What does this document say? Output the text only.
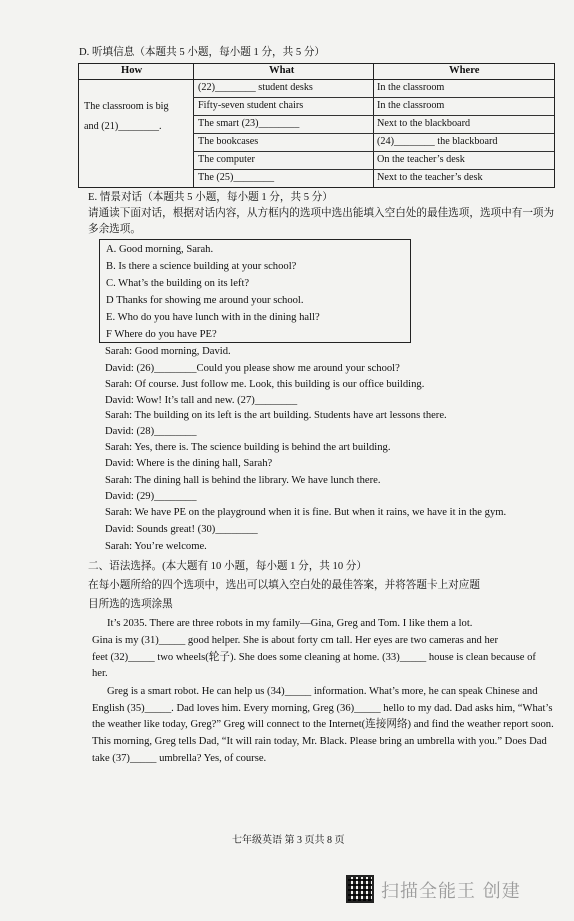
D. 听填信息（本题共 5 小题，每小题 1 分，共 5 分）
How	What	Where
The classroom is big
and (21)________.
(22)________ student desks	In the classroom
Fifty-seven student chairs	In the classroom
The smart (23)________	Next to the blackboard
The bookcases	(24)________ the blackboard
The computer	On the teacher’s desk
The (25)________	Next to the teacher’s desk
E. 情景对话（本题共 5 小题，每小题 1 分，共 5 分）
请通读下面对话，根据对话内容，从方框内的选项中选出能填入空白处的最佳选项，选项中有一项为
多余选项。
A. Good morning, Sarah.
B. Is there a science building at your school?
C. What’s the building on its left?
D Thanks for showing me around your school.
E. Who do you have lunch with in the dining hall?
F Where do you have PE?
Sarah: Good morning, David.
David: (26)________Could you please show me around your school?
Sarah: Of course. Just follow me. Look, this building is our office building.
David: Wow! It’s tall and new. (27)________
Sarah: The building on its left is the art building. Students have art lessons there.
David: (28)________
Sarah: Yes, there is. The science building is behind the art building.
David: Where is the dining hall, Sarah?
Sarah: The dining hall is behind the library. We have lunch there.
David: (29)________
Sarah: We have PE on the playground when it is fine. But when it rains, we have it in the gym.
David: Sounds great! (30)________
Sarah: You’re welcome.
二、语法选择。(本大题有 10 小题，每小题 1 分，共 10 分）
在每小题所给的四个选项中，选出可以填入空白处的最佳答案，并将答题卡上对应题
目所选的选项涂黑
It’s 2035. There are three robots in my family—Gina, Greg and Tom. I like them a lot.
Gina is my (31)_____ good helper. She is about forty cm tall. Her eyes are two cameras and her
feet (32)_____ two wheels(轮子). She does some cleaning at home. (33)_____ house is clean because of
her.
Greg is a smart robot. He can help us (34)_____ information. What’s more, he can speak Chinese and
English (35)_____. Dad loves him. Every morning, Greg (36)_____ hello to my dad. Dad asks him, “What’s
the weather like today, Greg?” Greg will connect to the Internet(连接网络) and find the weather report soon.
This morning, Greg tells Dad, “It will rain today, Mr. Black. Please bring an umbrella with you.” Does Dad
take (37)_____ umbrella? Yes, of course.
七年级英语 第 3 页共 8 页
扫描全能王 创建
